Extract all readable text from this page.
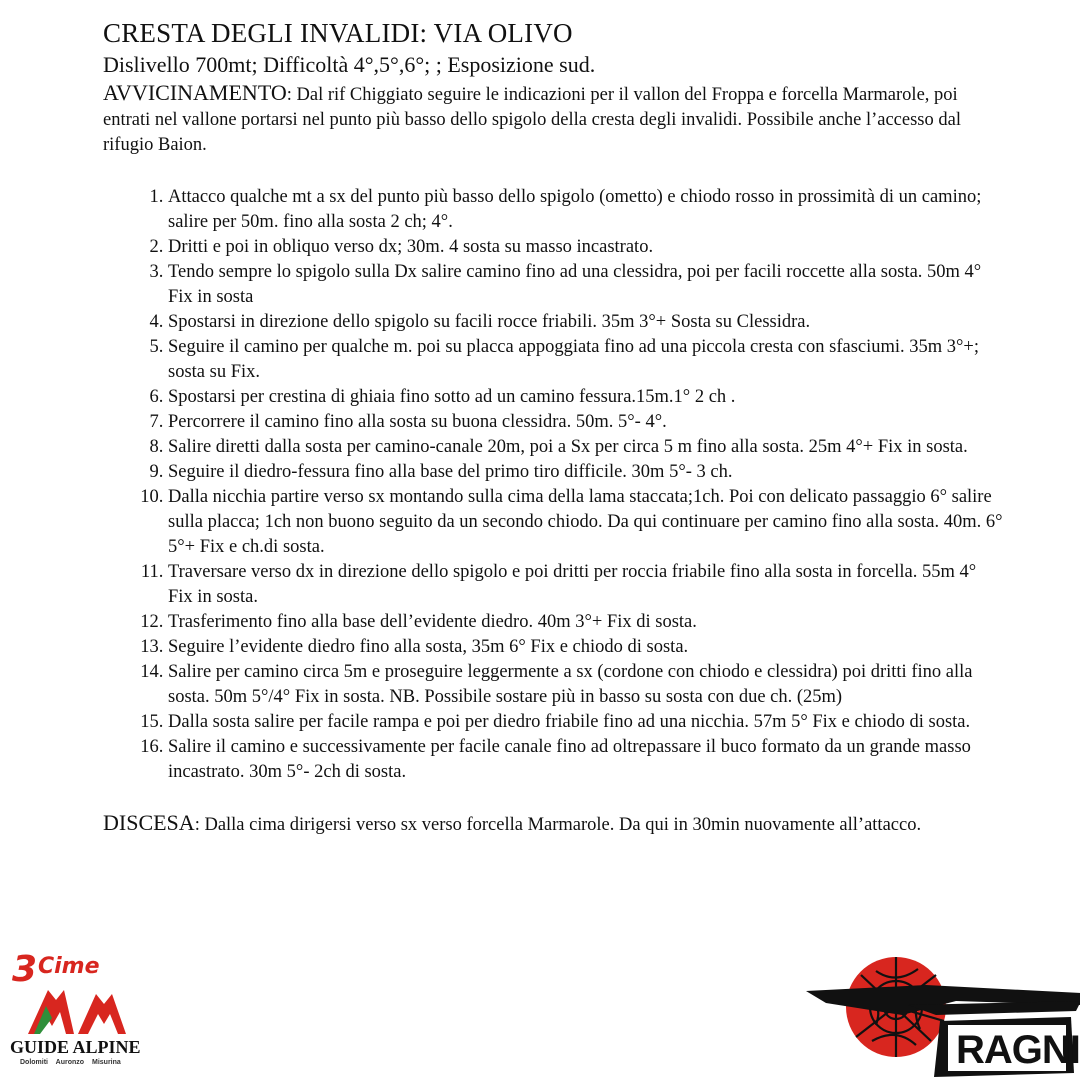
CRESTA DEGLI INVALIDI: VIA OLIVO

Dislivello 700mt; Difficoltà 4°,5°,6°; ; Esposizione sud.

AVVICINAMENTO: Dal rif Chiggiato seguire le indicazioni per il vallon del Froppa e forcella Marmarole, poi entrati nel vallone portarsi nel punto più basso dello spigolo della cresta degli invalidi. Possibile anche l’accesso dal rifugio Baion.

1. Attacco qualche mt a sx del punto più basso dello spigolo (ometto) e chiodo rosso in prossimità di un camino; salire per 50m. fino alla sosta 2 ch; 4°.
2. Dritti e poi in obliquo verso dx; 30m. 4 sosta su masso incastrato.
3. Tendo sempre lo spigolo sulla Dx salire camino fino ad una clessidra, poi per facili roccette alla sosta. 50m 4° Fix in sosta
4. Spostarsi in direzione dello spigolo su facili rocce friabili. 35m 3°+ Sosta su Clessidra.
5. Seguire il camino per qualche m. poi su placca appoggiata fino ad una piccola cresta con sfasciumi. 35m 3°+; sosta su Fix.
6. Spostarsi per crestina di ghiaia fino sotto ad un camino fessura.15m.1° 2 ch .
7. Percorrere il camino fino alla sosta su buona clessidra. 50m. 5°- 4°.
8. Salire diretti dalla sosta per camino-canale 20m, poi a Sx per circa 5 m fino alla sosta. 25m 4°+ Fix in sosta.
9. Seguire il diedro-fessura fino alla base del primo tiro difficile. 30m 5°- 3 ch.
10. Dalla nicchia partire verso sx montando sulla cima della lama staccata;1ch. Poi con delicato passaggio 6° salire sulla placca; 1ch non buono seguito da un secondo chiodo. Da qui continuare per camino fino alla sosta. 40m. 6° 5°+ Fix e ch.di sosta.
11. Traversare verso dx in direzione dello spigolo e poi dritti per roccia friabile fino alla sosta in forcella. 55m 4° Fix in sosta.
12. Trasferimento fino alla base dell’evidente diedro. 40m 3°+ Fix di sosta.
13. Seguire l’evidente diedro fino alla sosta, 35m 6° Fix e chiodo di sosta.
14. Salire per camino circa 5m e proseguire leggermente a sx (cordone con chiodo e clessidra) poi dritti fino alla sosta. 50m 5°/4° Fix in sosta. NB. Possibile sostare più in basso su sosta con due ch. (25m)
15. Dalla sosta salire per facile rampa e poi per diedro friabile fino ad una nicchia. 57m 5° Fix e chiodo di sosta.
16. Salire il camino e successivamente per facile canale fino ad oltrepassare il buco formato da un grande masso incastrato. 30m 5°- 2ch di sosta.

DISCESA: Dalla cima dirigersi verso sx verso forcella Marmarole. Da qui in 30min nuovamente all’attacco.

3 Cime
GUIDE ALPINE
Dolomiti Auronzo Misurina	RAGNI
